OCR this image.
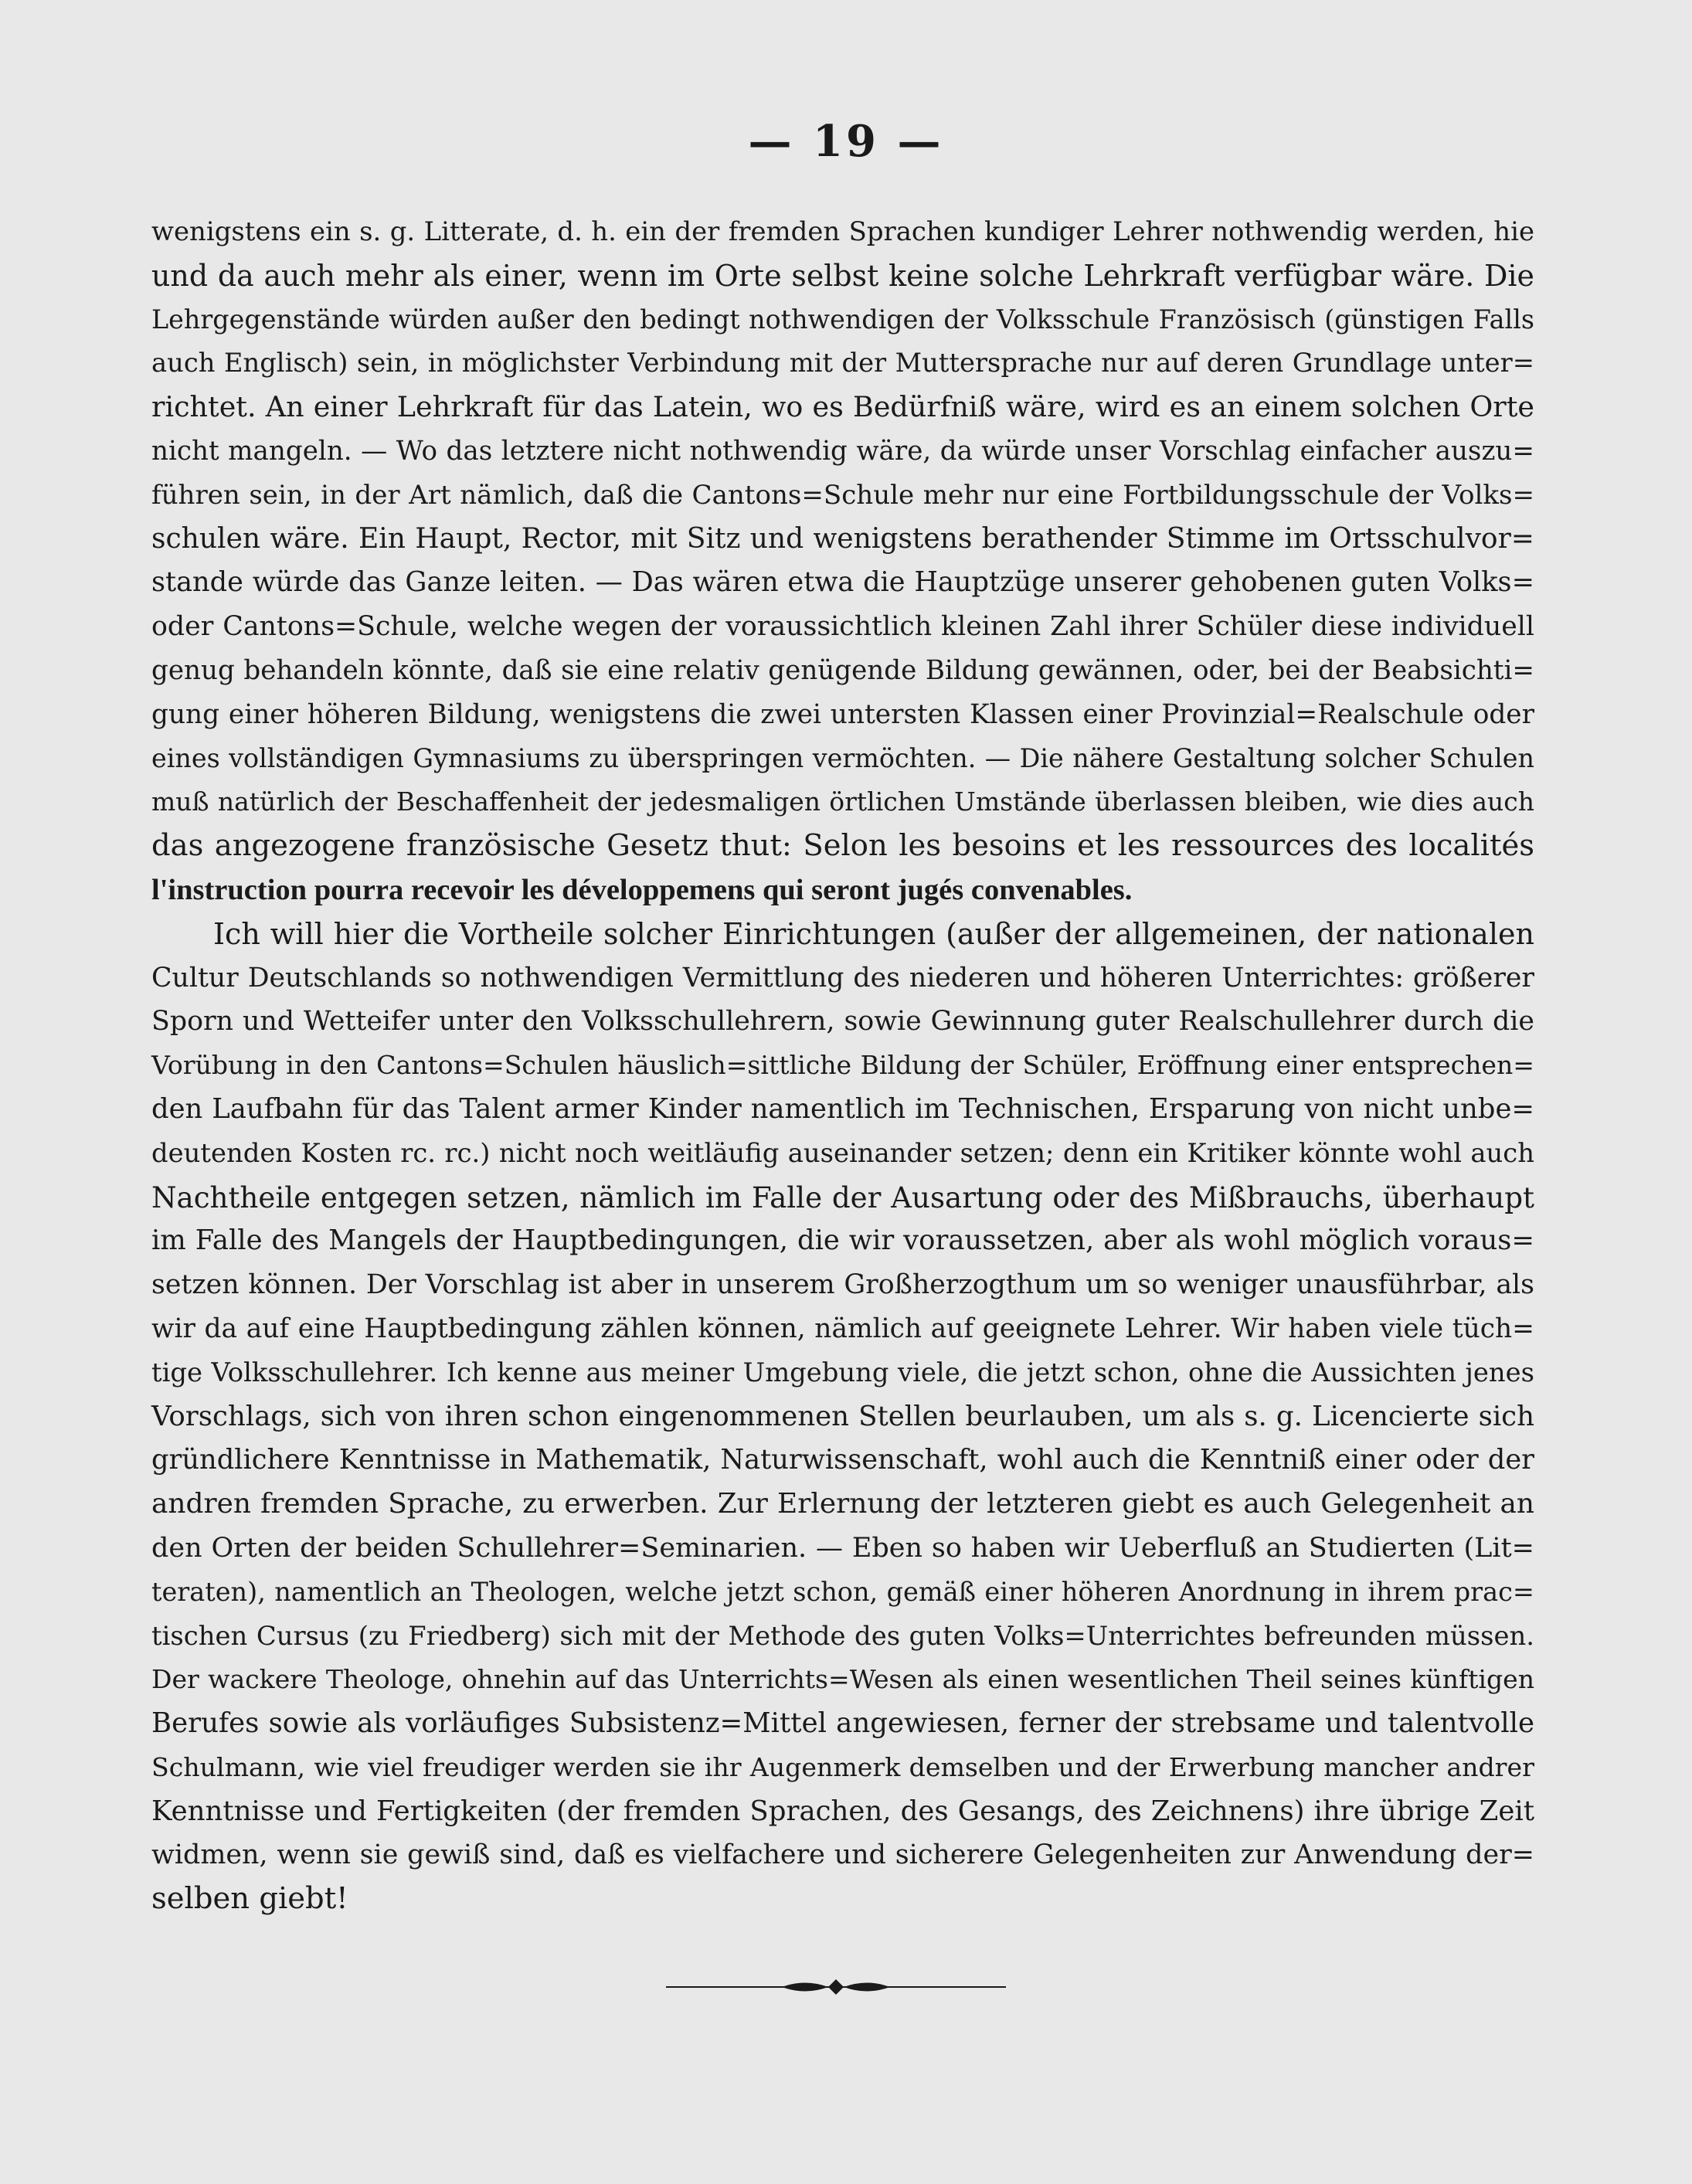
— 19 —
wenigstens ein s. g. Litterate, d. h. ein der fremden Sprachen kundiger Lehrer nothwendig werden, hie
und da auch mehr als einer, wenn im Orte selbst keine solche Lehrkraft verfügbar wäre. Die
Lehrgegenstände würden außer den bedingt nothwendigen der Volksschule Französisch (günstigen Falls
auch Englisch) sein, in möglichster Verbindung mit der Muttersprache nur auf deren Grundlage unter=
richtet. An einer Lehrkraft für das Latein, wo es Bedürfniß wäre, wird es an einem solchen Orte
nicht mangeln. — Wo das letztere nicht nothwendig wäre, da würde unser Vorschlag einfacher auszu=
führen sein, in der Art nämlich, daß die Cantons=Schule mehr nur eine Fortbildungsschule der Volks=
schulen wäre. Ein Haupt, Rector, mit Sitz und wenigstens berathender Stimme im Ortsschulvor=
stande würde das Ganze leiten. — Das wären etwa die Hauptzüge unserer gehobenen guten Volks=
oder Cantons=Schule, welche wegen der voraussichtlich kleinen Zahl ihrer Schüler diese individuell
genug behandeln könnte, daß sie eine relativ genügende Bildung gewännen, oder, bei der Beabsichti=
gung einer höheren Bildung, wenigstens die zwei untersten Klassen einer Provinzial=Realschule oder
eines vollständigen Gymnasiums zu überspringen vermöchten. — Die nähere Gestaltung solcher Schulen
muß natürlich der Beschaffenheit der jedesmaligen örtlichen Umstände überlassen bleiben, wie dies auch
das angezogene französische Gesetz thut: Selon les besoins et les ressources des localités
l'instruction pourra recevoir les développemens qui seront jugés convenables.
Ich will hier die Vortheile solcher Einrichtungen (außer der allgemeinen, der nationalen
Cultur Deutschlands so nothwendigen Vermittlung des niederen und höheren Unterrichtes: größerer
Sporn und Wetteifer unter den Volksschullehrern, sowie Gewinnung guter Realschullehrer durch die
Vorübung in den Cantons=Schulen häuslich=sittliche Bildung der Schüler, Eröffnung einer entsprechen=
den Laufbahn für das Talent armer Kinder namentlich im Technischen, Ersparung von nicht unbe=
deutenden Kosten rc. rc.) nicht noch weitläufig auseinander setzen; denn ein Kritiker könnte wohl auch
Nachtheile entgegen setzen, nämlich im Falle der Ausartung oder des Mißbrauchs, überhaupt
im Falle des Mangels der Hauptbedingungen, die wir voraussetzen, aber als wohl möglich voraus=
setzen können. Der Vorschlag ist aber in unserem Großherzogthum um so weniger unausführbar, als
wir da auf eine Hauptbedingung zählen können, nämlich auf geeignete Lehrer. Wir haben viele tüch=
tige Volksschullehrer. Ich kenne aus meiner Umgebung viele, die jetzt schon, ohne die Aussichten jenes
Vorschlags, sich von ihren schon eingenommenen Stellen beurlauben, um als s. g. Licencierte sich
gründlichere Kenntnisse in Mathematik, Naturwissenschaft, wohl auch die Kenntniß einer oder der
andren fremden Sprache, zu erwerben. Zur Erlernung der letzteren giebt es auch Gelegenheit an
den Orten der beiden Schullehrer=Seminarien. — Eben so haben wir Ueberfluß an Studierten (Lit=
teraten), namentlich an Theologen, welche jetzt schon, gemäß einer höheren Anordnung in ihrem prac=
tischen Cursus (zu Friedberg) sich mit der Methode des guten Volks=Unterrichtes befreunden müssen.
Der wackere Theologe, ohnehin auf das Unterrichts=Wesen als einen wesentlichen Theil seines künftigen
Berufes sowie als vorläufiges Subsistenz=Mittel angewiesen, ferner der strebsame und talentvolle
Schulmann, wie viel freudiger werden sie ihr Augenmerk demselben und der Erwerbung mancher andrer
Kenntnisse und Fertigkeiten (der fremden Sprachen, des Gesangs, des Zeichnens) ihre übrige Zeit
widmen, wenn sie gewiß sind, daß es vielfachere und sicherere Gelegenheiten zur Anwendung der=
selben giebt!
